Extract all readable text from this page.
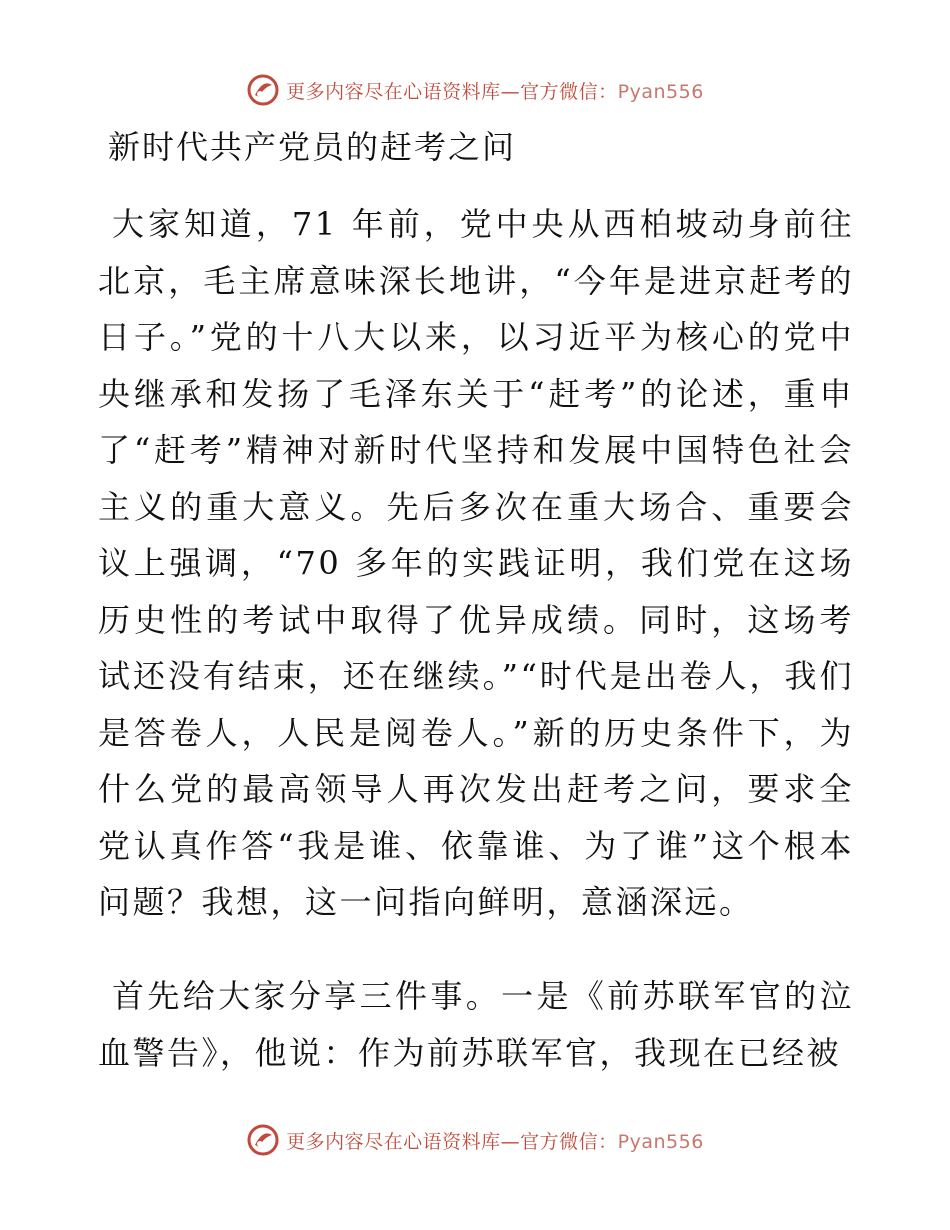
更多内容尽在心语资料库—官方微信：Pyan556
新时代共产党员的赶考之问

大家知道，71 年前，党中央从西柏坡动身前往北京，毛主席意味深长地讲，“今年是进京赶考的日子。”党的十八大以来，以习近平为核心的党中央继承和发扬了毛泽东关于“赶考”的论述，重申了“赶考”精神对新时代坚持和发展中国特色社会主义的重大意义。先后多次在重大场合、重要会议上强调，“70 多年的实践证明，我们党在这场历史性的考试中取得了优异成绩。同时，这场考试还没有结束，还在继续。”“时代是出卷人，我们是答卷人，人民是阅卷人。”新的历史条件下，为什么党的最高领导人再次发出赶考之问，要求全党认真作答“我是谁、依靠谁、为了谁”这个根本问题？我想，这一问指向鲜明，意涵深远。

首先给大家分享三件事。一是《前苏联军官的泣血警告》，他说：作为前苏联军官，我现在已经被

更多内容尽在心语资料库—官方微信：Pyan556
